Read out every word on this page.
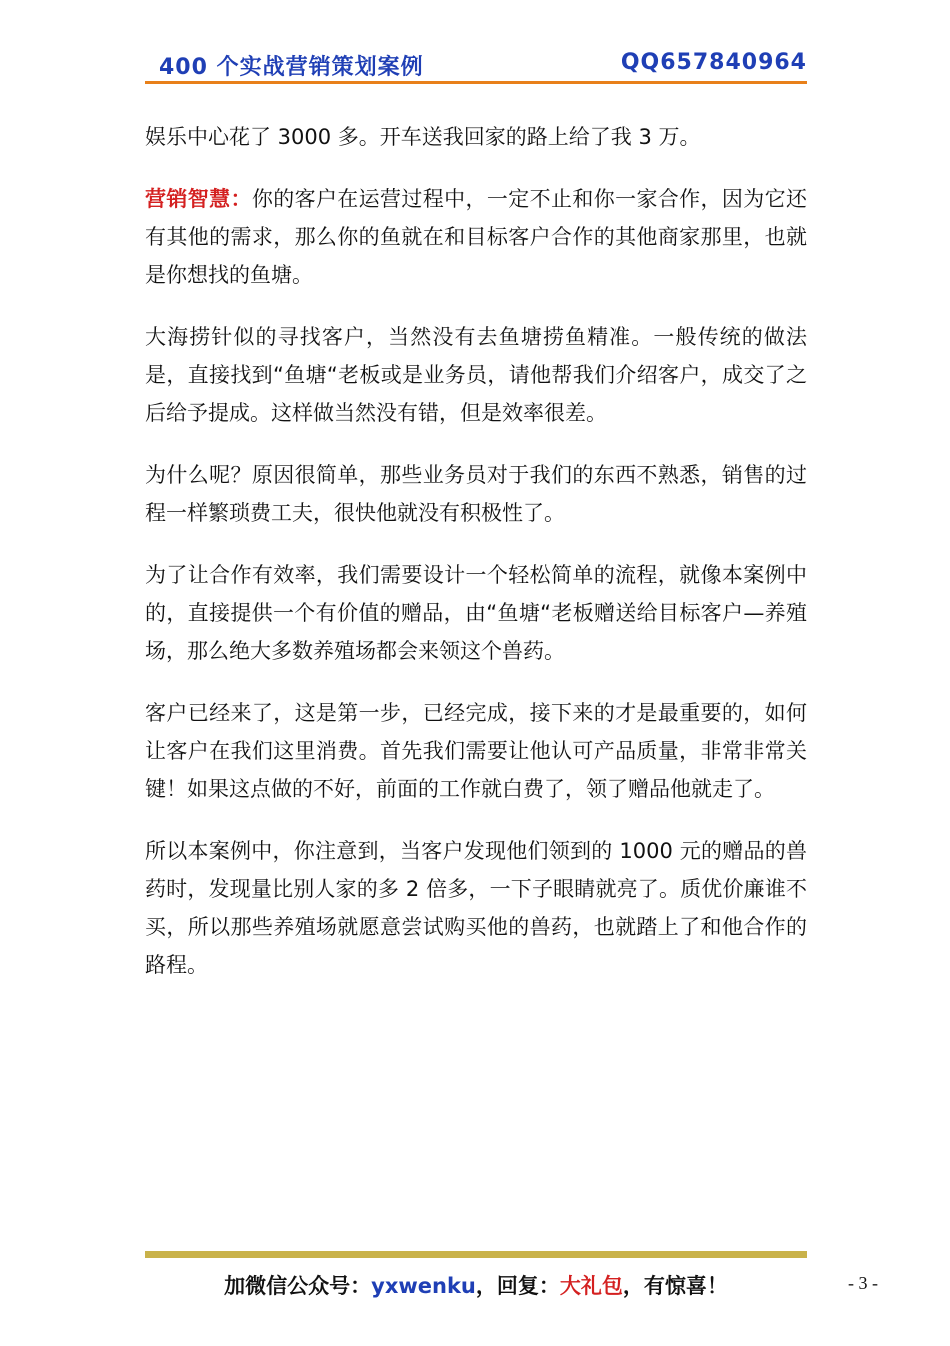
400 个实战营销策划案例	QQ657840964

娱乐中心花了 3000 多。开车送我回家的路上给了我 3 万。

营销智慧：你的客户在运营过程中，一定不止和你一家合作，因为它还有其他的需求，那么你的鱼就在和目标客户合作的其他商家那里，也就是你想找的鱼塘。

大海捞针似的寻找客户，当然没有去鱼塘捞鱼精准。一般传统的做法是，直接找到“鱼塘“老板或是业务员，请他帮我们介绍客户，成交了之后给予提成。这样做当然没有错，但是效率很差。

为什么呢？原因很简单，那些业务员对于我们的东西不熟悉，销售的过程一样繁琐费工夫，很快他就没有积极性了。

为了让合作有效率，我们需要设计一个轻松简单的流程，就像本案例中的，直接提供一个有价值的赠品，由“鱼塘“老板赠送给目标客户—养殖场，那么绝大多数养殖场都会来领这个兽药。

客户已经来了，这是第一步，已经完成，接下来的才是最重要的，如何让客户在我们这里消费。首先我们需要让他认可产品质量，非常非常关键！如果这点做的不好，前面的工作就白费了，领了赠品他就走了。

所以本案例中，你注意到，当客户发现他们领到的 1000 元的赠品的兽药时，发现量比别人家的多 2 倍多，一下子眼睛就亮了。质优价廉谁不买，所以那些养殖场就愿意尝试购买他的兽药，也就踏上了和他合作的路程。

加微信公众号：yxwenku，回复：大礼包，有惊喜！	- 3 -
